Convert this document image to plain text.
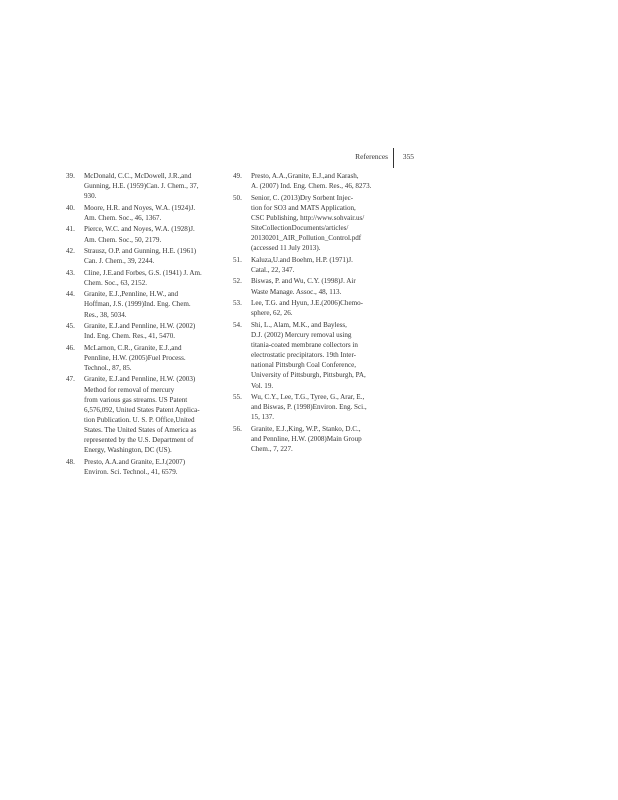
References 355
39. McDonald, C.C., McDowell, J.R.,and
Gunning, H.E. (1959)Can. J. Chem., 37,
930.
40. Moore, H.R. and Noyes, W.A. (1924)J.
Am. Chem. Soc., 46, 1367.
41. Pierce, W.C. and Noyes, W.A. (1928)J.
Am. Chem. Soc., 50, 2179.
42. Strausz, O.P. and Gunning, H.E. (1961)
Can. J. Chem., 39, 2244.
43. Cline, J.E.and Forbes, G.S. (1941) J. Am.
Chem. Soc., 63, 2152.
44. Granite, E.J.,Pennline, H.W., and
Hoffman, J.S. (1999)Ind. Eng. Chem.
Res., 38, 5034.
45. Granite, E.J.and Pennline, H.W. (2002)
Ind. Eng. Chem. Res., 41, 5470.
46. McLarnon, C.R., Granite, E.J.,and
Pennline, H.W. (2005)Fuel Process.
Technol., 87, 85.
47. Granite, E.J.and Pennline, H.W. (2003)
Method for removal of mercury
from various gas streams. US Patent
6,576,092, United States Patent Applica-
tion Publication. U. S. P. Office,United
States. The United States of America as
represented by the U.S. Department of
Energy, Washington, DC (US).
48. Presto, A.A.and Granite, E.J.(2007)
Environ. Sci. Technol., 41, 6579.
49. Presto, A.A.,Granite, E.J.,and Karash,
A. (2007) Ind. Eng. Chem. Res., 46, 8273.
50. Senior, C. (2013)Dry Sorbent Injec-
tion for SO3 and MATS Application,
CSC Publishing, http://www.sohvair.us/
SiteCollectionDocuments/articles/
20130201_AIR_Pollution_Control.pdf
(accessed 11 July 2013).
51. Kaluza,U.and Boehm, H.P. (1971)J.
Catal., 22, 347.
52. Biswas, P. and Wu, C.Y. (1998)J. Air
Waste Manage. Assoc., 48, 113.
53. Lee, T.G. and Hyun, J.E.(2006)Chemo-
sphere, 62, 26.
54. Shi, L., Alam, M.K., and Bayless,
D.J. (2002) Mercury removal using
titania-coated membrane collectors in
electrostatic precipitators. 19th Inter-
national Pittsburgh Coal Conference,
University of Pittsburgh, Pittsburgh, PA,
Vol. 19.
55. Wu, C.Y., Lee, T.G., Tyree, G., Arar, E.,
and Biswas, P. (1998)Environ. Eng. Sci.,
15, 137.
56. Granite, E.J.,King, W.P., Stanko, D.C.,
and Pennline, H.W. (2008)Main Group
Chem., 7, 227.
